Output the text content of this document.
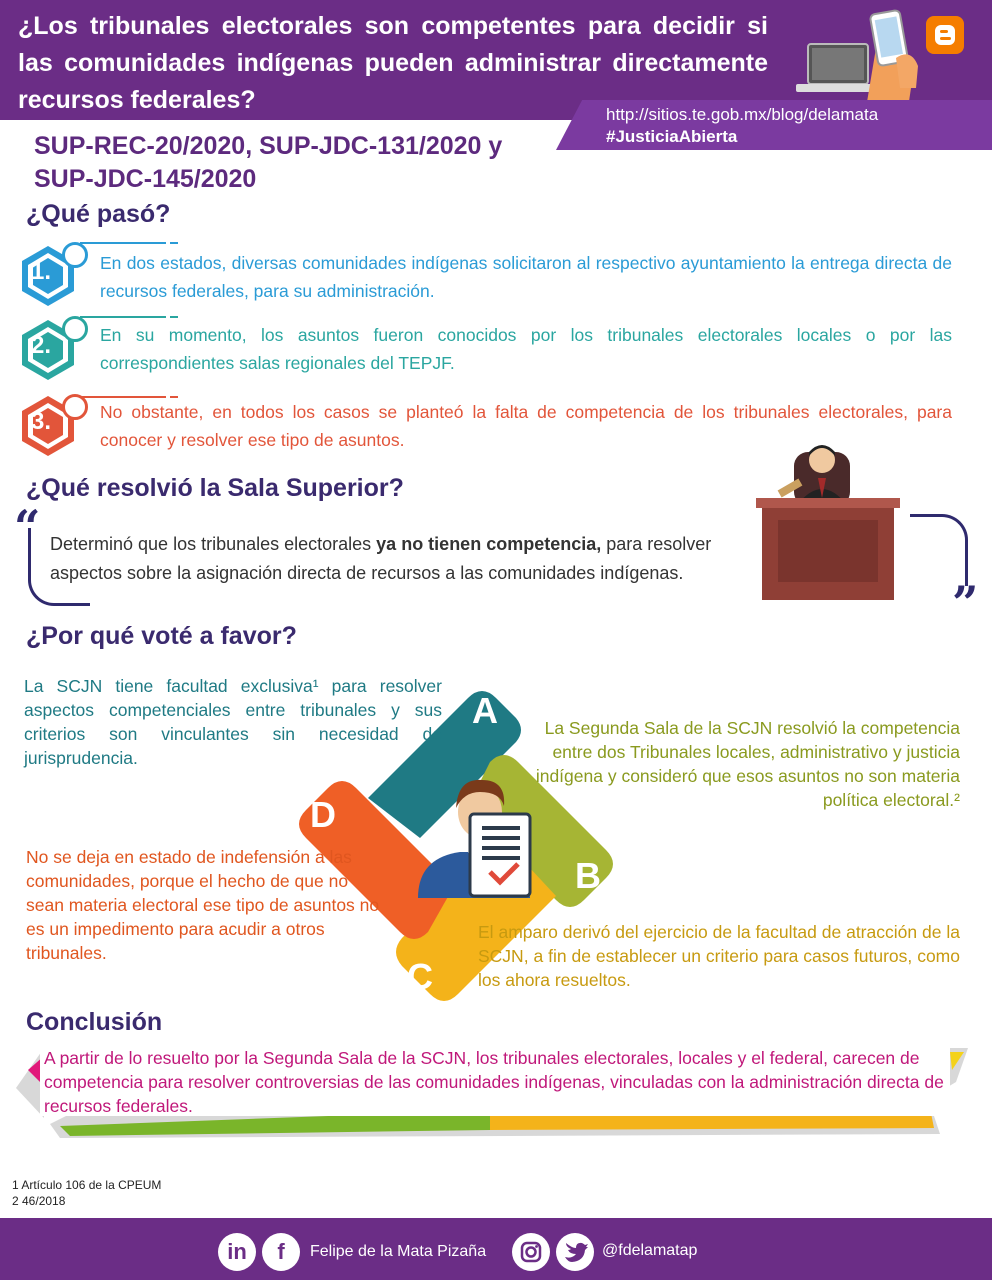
¿Los tribunales electorales son competentes para decidir si las comunidades indígenas pueden administrar directamente recursos federales?
http://sitios.te.gob.mx/blog/delamata
#JusticiaAbierta
SUP-REC-20/2020, SUP-JDC-131/2020 y SUP-JDC-145/2020
¿Qué pasó?
1.	En dos estados, diversas comunidades indígenas solicitaron al respectivo ayuntamiento la entrega directa de recursos federales, para su administración.
2.	En su momento, los asuntos fueron conocidos por los tribunales electorales locales o por las correspondientes salas regionales del TEPJF.
3.	No obstante, en todos los casos se planteó la falta de competencia de los tribunales electorales, para conocer y resolver ese tipo de asuntos.
¿Qué resolvió la Sala Superior?
“ Determinó que los tribunales electorales ya no tienen competencia, para resolver aspectos sobre la asignación directa de recursos a las comunidades indígenas.
”
¿Por qué voté a favor?
A
B
C
D
La SCJN tiene facultad exclusiva¹ para resolver aspectos competenciales entre tribunales y sus criterios son vinculantes sin necesidad de jurisprudencia.
La Segunda Sala de la SCJN resolvió la competencia entre dos Tribunales locales, administrativo y justicia indígena y consideró que esos asuntos no son materia política electoral.²
El amparo derivó del ejercicio de la facultad de atracción de la SCJN, a fin de establecer un criterio para casos futuros, como los ahora resueltos.
No se deja en estado de indefensión a las comunidades, porque el hecho de que no sean materia electoral ese tipo de asuntos no es un impedimento para acudir a otros tribunales.
Conclusión
A partir de lo resuelto por la Segunda Sala de la SCJN, los tribunales electorales, locales y el federal, carecen de competencia para resolver controversias de las comunidades indígenas, vinculadas con la administración directa de recursos federales.
1 Artículo 106 de la CPEUM
2 46/2018
in	f	Felipe de la Mata Pizaña	@fdelamatap
